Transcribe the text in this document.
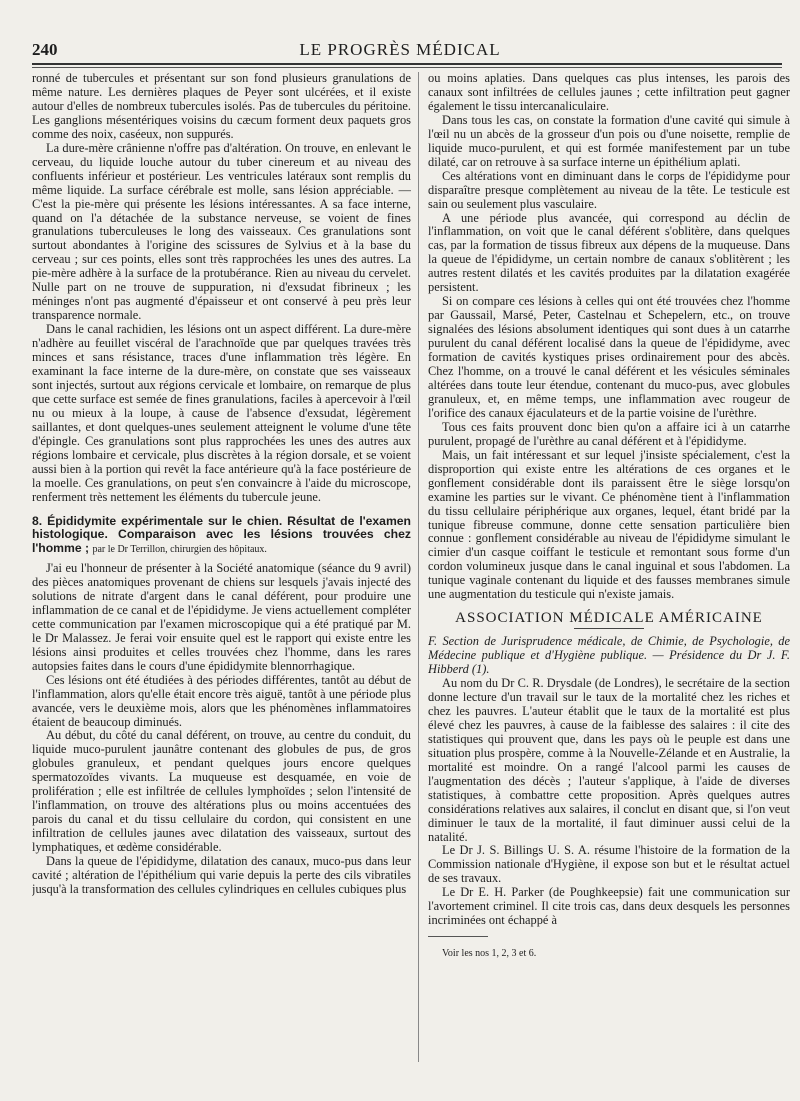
240	LE PROGRÈS MÉDICAL

ronné de tubercules et présentant sur son fond plusieurs granulations de même nature. Les dernières plaques de Peyer sont ulcérées, et il existe autour d'elles de nombreux tubercules isolés. Pas de tubercules du péritoine. Les ganglions mésentériques voisins du cæcum forment deux paquets gros comme des noix, caséeux, non suppurés.

La dure-mère crânienne n'offre pas d'altération. On trouve, en enlevant le cerveau, du liquide louche autour du tuber cinereum et au niveau des confluents inférieur et postérieur. Les ventricules latéraux sont remplis du même liquide. La surface cérébrale est molle, sans lésion appréciable. — C'est la pie-mère qui présente les lésions intéressantes. A sa face interne, quand on l'a détachée de la substance nerveuse, se voient de fines granulations tuberculeuses le long des vaisseaux. Ces granulations sont surtout abondantes à l'origine des scissures de Sylvius et à la base du cerveau ; sur ces points, elles sont très rapprochées les unes des autres. La pie-mère adhère à la surface de la protubérance. Rien au niveau du cervelet. Nulle part on ne trouve de suppuration, ni d'exsudat fibrineux ; les méninges n'ont pas augmenté d'épaisseur et ont conservé à peu près leur transparence normale.

Dans le canal rachidien, les lésions ont un aspect différent. La dure-mère n'adhère au feuillet viscéral de l'arachnoïde que par quelques travées très minces et sans résistance, traces d'une inflammation très légère. En examinant la face interne de la dure-mère, on constate que ses vaisseaux sont injectés, surtout aux régions cervicale et lombaire, on remarque de plus que cette surface est semée de fines granulations, faciles à apercevoir à l'œil nu ou mieux à la loupe, à cause de l'absence d'exsudat, légèrement saillantes, et dont quelques-unes seulement atteignent le volume d'une tête d'épingle. Ces granulations sont plus rapprochées les unes des autres aux régions lombaire et cervicale, plus discrètes à la région dorsale, et se voient aussi bien à la portion qui revêt la face antérieure qu'à la face postérieure de la moelle. Ces granulations, on peut s'en convaincre à l'aide du microscope, renferment très nettement les éléments du tubercule jeune.

8. Épididymite expérimentale sur le chien. Résultat de l'examen histologique. Comparaison avec les lésions trouvées chez l'homme ; par le Dr Terrillon, chirurgien des hôpitaux.

J'ai eu l'honneur de présenter à la Société anatomique (séance du 9 avril) des pièces anatomiques provenant de chiens sur lesquels j'avais injecté des solutions de nitrate d'argent dans le canal déférent, pour produire une inflammation de ce canal et de l'épididyme. Je viens actuellement compléter cette communication par l'examen microscopique qui a été pratiqué par M. le Dr Malassez. Je ferai voir ensuite quel est le rapport qui existe entre les lésions ainsi produites et celles trouvées chez l'homme, dans les rares autopsies faites dans le cours d'une épididymite blennorrhagique.

Ces lésions ont été étudiées à des périodes différentes, tantôt au début de l'inflammation, alors qu'elle était encore très aiguë, tantôt à une période plus avancée, vers le deuxième mois, alors que les phénomènes inflammatoires étaient de beaucoup diminués.

Au début, du côté du canal déférent, on trouve, au centre du conduit, du liquide muco-purulent jaunâtre contenant des globules de pus, de gros globules granuleux, et pendant quelques jours encore quelques spermatozoïdes vivants. La muqueuse est desquamée, en voie de prolifération ; elle est infiltrée de cellules lymphoïdes ; selon l'intensité de l'inflammation, on trouve des altérations plus ou moins accentuées des parois du canal et du tissu cellulaire du cordon, qui consistent en une infiltration de cellules jaunes avec dilatation des vaisseaux, surtout des lymphatiques, et œdème considérable.

Dans la queue de l'épididyme, dilatation des canaux, muco-pus dans leur cavité ; altération de l'épithélium qui varie depuis la perte des cils vibratiles jusqu'à la transformation des cellules cylindriques en cellules cubiques plus

ou moins aplaties. Dans quelques cas plus intenses, les parois des canaux sont infiltrées de cellules jaunes ; cette infiltration peut gagner également le tissu intercanaliculaire.

Dans tous les cas, on constate la formation d'une cavité qui simule à l'œil nu un abcès de la grosseur d'un pois ou d'une noisette, remplie de liquide muco-purulent, et qui est formée manifestement par un tube dilaté, car on retrouve à sa surface interne un épithélium aplati.

Ces altérations vont en diminuant dans le corps de l'épididyme pour disparaître presque complètement au niveau de la tête. Le testicule est sain ou seulement plus vasculaire.

A une période plus avancée, qui correspond au déclin de l'inflammation, on voit que le canal déférent s'oblitère, dans quelques cas, par la formation de tissus fibreux aux dépens de la muqueuse. Dans la queue de l'épididyme, un certain nombre de canaux s'oblitèrent ; les autres restent dilatés et les cavités produites par la dilatation exagérée persistent.

Si on compare ces lésions à celles qui ont été trouvées chez l'homme par Gaussail, Marsé, Peter, Castelnau et Schepelern, etc., on trouve signalées des lésions absolument identiques qui sont dues à un catarrhe purulent du canal déférent localisé dans la queue de l'épididyme, avec formation de cavités kystiques prises ordinairement pour des abcès. Chez l'homme, on a trouvé le canal déférent et les vésicules séminales altérées dans toute leur étendue, contenant du muco-pus, avec globules granuleux, et, en même temps, une inflammation avec rougeur de l'orifice des canaux éjaculateurs et de la partie voisine de l'urèthre.

Tous ces faits prouvent donc bien qu'on a affaire ici à un catarrhe purulent, propagé de l'urèthre au canal déférent et à l'épididyme.

Mais, un fait intéressant et sur lequel j'insiste spécialement, c'est la disproportion qui existe entre les altérations de ces organes et le gonflement considérable dont ils paraissent être le siège lorsqu'on examine les parties sur le vivant. Ce phénomène tient à l'inflammation du tissu cellulaire périphérique aux organes, lequel, étant bridé par la tunique fibreuse commune, donne cette sensation particulière bien connue : gonflement considérable au niveau de l'épididyme simulant le cimier d'un casque coiffant le testicule et remontant sous forme d'un cordon volumineux jusque dans le canal inguinal et sous l'abdomen. La tunique vaginale contenant du liquide et des fausses membranes simule une augmentation du testicule qui n'existe jamais.

ASSOCIATION MÉDICALE AMÉRICAINE

F. Section de Jurisprudence médicale, de Chimie, de Psychologie, de Médecine publique et d'Hygiène publique. — Présidence du Dr J. F. Hibberd (1).

Au nom du Dr C. R. Drysdale (de Londres), le secrétaire de la section donne lecture d'un travail sur le taux de la mortalité chez les riches et chez les pauvres. L'auteur établit que le taux de la mortalité est plus élevé chez les pauvres, à cause de la faiblesse des salaires : il cite des statistiques qui prouvent que, dans les pays où le peuple est dans une situation plus prospère, comme à la Nouvelle-Zélande et en Australie, la mortalité est moindre. On a rangé l'alcool parmi les causes de l'augmentation des décès ; l'auteur s'applique, à l'aide de diverses statistiques, à combattre cette proposition. Après quelques autres considérations relatives aux salaires, il conclut en disant que, si l'on veut diminuer le taux de la mortalité, il faut diminuer aussi celui de la natalité.

Le Dr J. S. Billings U. S. A. résume l'histoire de la formation de la Commission nationale d'Hygiène, il expose son but et le résultat actuel de ses travaux.

Le Dr E. H. Parker (de Poughkeepsie) fait une communication sur l'avortement criminel. Il cite trois cas, dans deux desquels les personnes incriminées ont échappé à

Voir les nos 1, 2, 3 et 6.
